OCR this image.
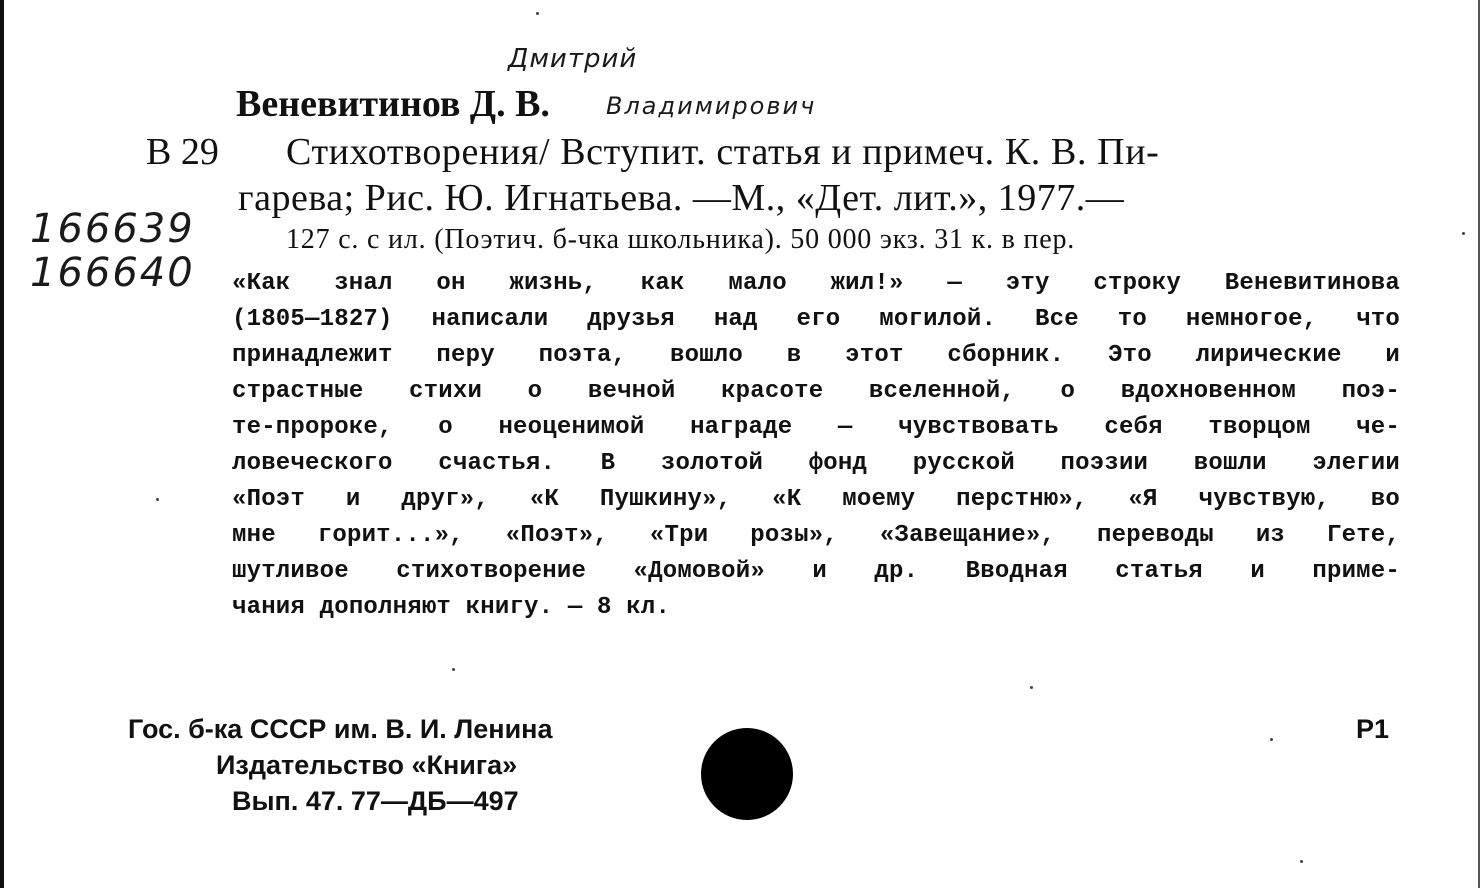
Дмитрий
Веневитинов Д. В. Владимирович
В 29 Стихотворения/ Вступит. статья и примеч. К. В. Пи-
гарева; Рис. Ю. Игнатьева. —М., «Дет. лит.», 1977.—
166639
166640
127 с. с ил. (Поэтич. б-чка школьника). 50 000 экз. 31 к. в пер.
«Как знал он жизнь, как мало жил!» — эту строку Веневитинова
(1805—1827) написали друзья над его могилой. Все то немногое, что
принадлежит перу поэта, вошло в этот сборник. Это лирические и
страстные стихи о вечной красоте вселенной, о вдохновенном поэ-
те-пророке, о неоценимой награде — чувствовать себя творцом че-
ловеческого счастья. В золотой фонд русской поэзии вошли элегии
«Поэт и друг», «К Пушкину», «К моему перстню», «Я чувствую, во
мне горит...», «Поэт», «Три розы», «Завещание», переводы из Гете,
шутливое стихотворение «Домовой» и др. Вводная статья и приме-
чания дополняют книгу. — 8 кл.
Гос. б-ка СССР им. В. И. Ленина
Издательство «Книга»
Вып. 47. 77—ДБ—497
Р1
